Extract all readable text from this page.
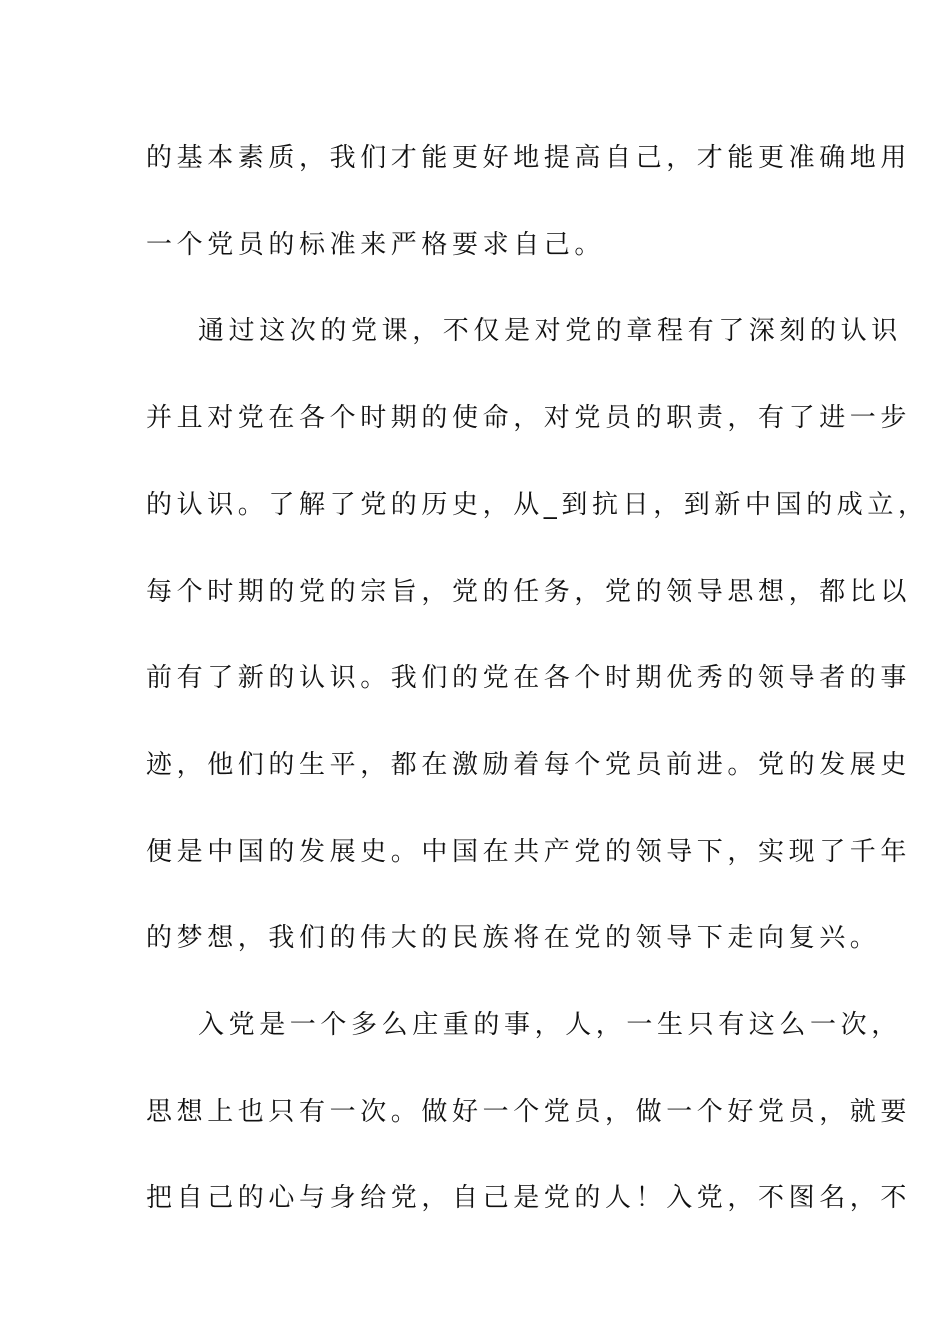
的基本素质，我们才能更好地提高自己，才能更准确地用
一个党员的标准来严格要求自己。
通过这次的党课，不仅是对党的章程有了深刻的认识
并且对党在各个时期的使命，对党员的职责，有了进一步
的认识。了解了党的历史，从_到抗日，到新中国的成立，
每个时期的党的宗旨，党的任务，党的领导思想，都比以
前有了新的认识。我们的党在各个时期优秀的领导者的事
迹，他们的生平，都在激励着每个党员前进。党的发展史
便是中国的发展史。中国在共产党的领导下，实现了千年
的梦想，我们的伟大的民族将在党的领导下走向复兴。
入党是一个多么庄重的事，人，一生只有这么一次，
思想上也只有一次。做好一个党员，做一个好党员，就要
把自己的心与身给党，自己是党的人！入党，不图名，不
